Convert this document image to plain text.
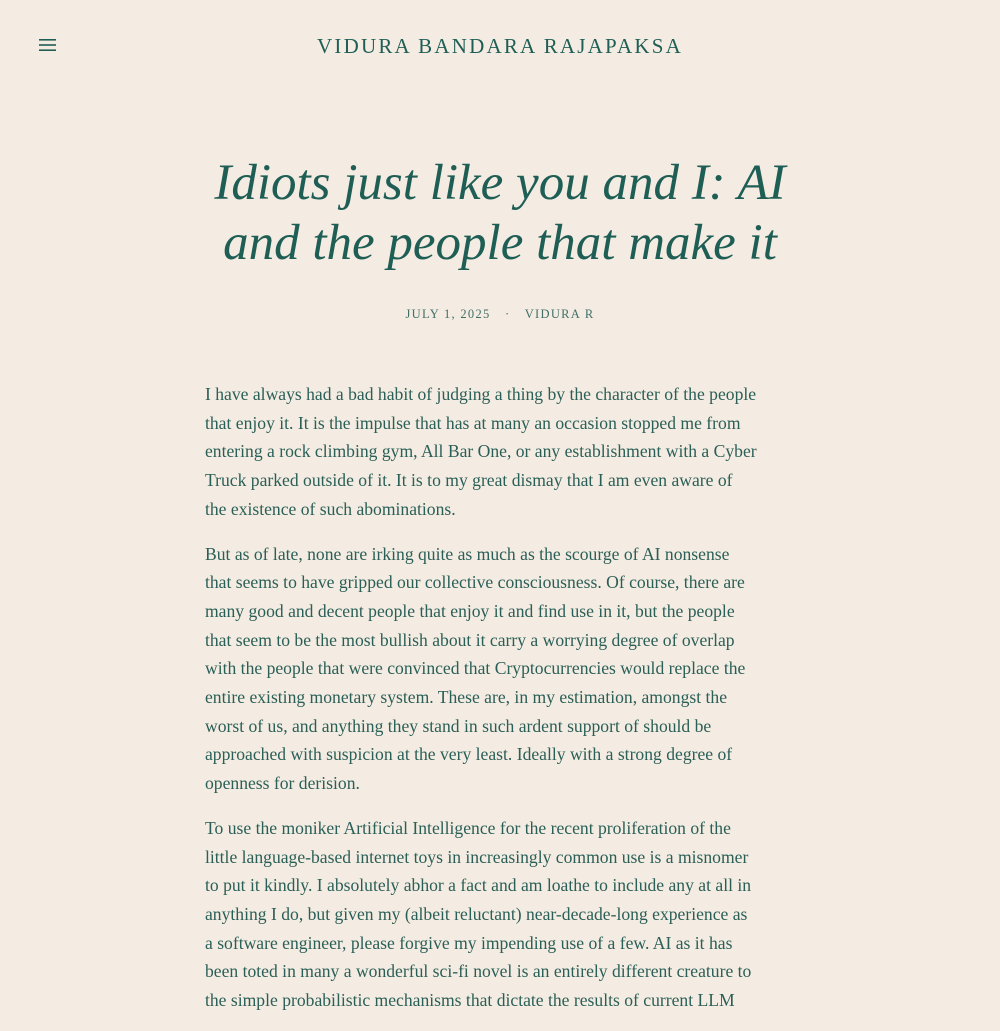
VIDURA BANDARA RAJAPAKSA
Idiots just like you and I: AI
and the people that make it
JULY 1, 2025 · VIDURA R

I have always had a bad habit of judging a thing by the character of the people
that enjoy it. It is the impulse that has at many an occasion stopped me from
entering a rock climbing gym, All Bar One, or any establishment with a Cyber
Truck parked outside of it. It is to my great dismay that I am even aware of
the existence of such abominations.

But as of late, none are irking quite as much as the scourge of AI nonsense
that seems to have gripped our collective consciousness. Of course, there are
many good and decent people that enjoy it and find use in it, but the people
that seem to be the most bullish about it carry a worrying degree of overlap
with the people that were convinced that Cryptocurrencies would replace the
entire existing monetary system. These are, in my estimation, amongst the
worst of us, and anything they stand in such ardent support of should be
approached with suspicion at the very least. Ideally with a strong degree of
openness for derision.

To use the moniker Artificial Intelligence for the recent proliferation of the
little language-based internet toys in increasingly common use is a misnomer
to put it kindly. I absolutely abhor a fact and am loathe to include any at all in
anything I do, but given my (albeit reluctant) near-decade-long experience as
a software engineer, please forgive my impending use of a few. AI as it has
been toted in many a wonderful sci-fi novel is an entirely different creature to
the simple probabilistic mechanisms that dictate the results of current LLM
